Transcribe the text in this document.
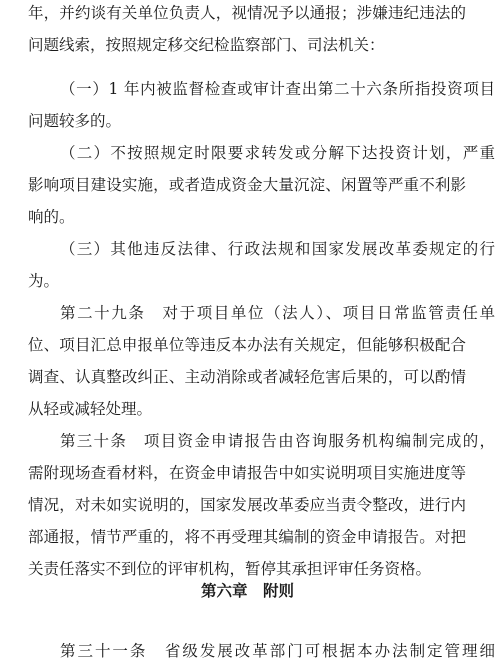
年，并约谈有关单位负责人，视情况予以通报；涉嫌违纪违法的
问题线索，按照规定移交纪检监察部门、司法机关：
（一）1 年内被监督检查或审计查出第二十六条所指投资项目
问题较多的。
（二）不按照规定时限要求转发或分解下达投资计划，严重
影响项目建设实施，或者造成资金大量沉淀、闲置等严重不利影
响的。
（三）其他违反法律、行政法规和国家发展改革委规定的行
为。
第二十九条　对于项目单位（法人）、项目日常监管责任单
位、项目汇总申报单位等违反本办法有关规定，但能够积极配合
调查、认真整改纠正、主动消除或者减轻危害后果的，可以酌情
从轻或减轻处理。
第三十条　项目资金申请报告由咨询服务机构编制完成的，
需附现场查看材料，在资金申请报告中如实说明项目实施进度等
情况，对未如实说明的，国家发展改革委应当责令整改，进行内
部通报，情节严重的，将不再受理其编制的资金申请报告。对把
关责任落实不到位的评审机构，暂停其承担评审任务资格。
第六章　附则
第三十一条　省级发展改革部门可根据本办法制定管理细
